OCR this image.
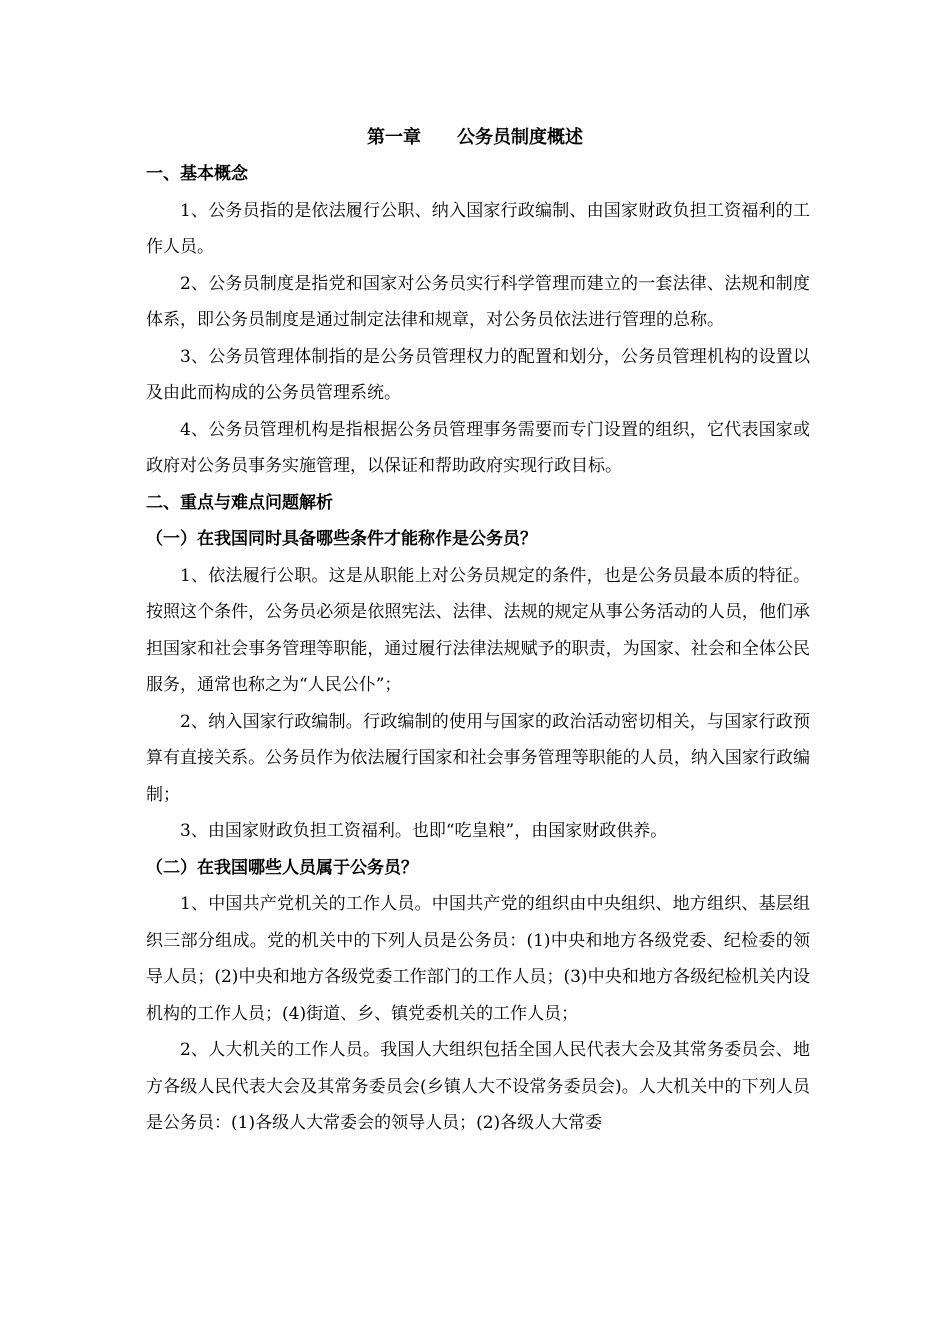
第一章　　公务员制度概述

一、基本概念

1、公务员指的是依法履行公职、纳入国家行政编制、由国家财政负担工资福利的工作人员。

2、公务员制度是指党和国家对公务员实行科学管理而建立的一套法律、法规和制度体系，即公务员制度是通过制定法律和规章，对公务员依法进行管理的总称。

3、公务员管理体制指的是公务员管理权力的配置和划分，公务员管理机构的设置以及由此而构成的公务员管理系统。

4、公务员管理机构是指根据公务员管理事务需要而专门设置的组织，它代表国家或政府对公务员事务实施管理，以保证和帮助政府实现行政目标。

二、重点与难点问题解析

（一）在我国同时具备哪些条件才能称作是公务员？

1、依法履行公职。这是从职能上对公务员规定的条件，也是公务员最本质的特征。按照这个条件，公务员必须是依照宪法、法律、法规的规定从事公务活动的人员，他们承担国家和社会事务管理等职能，通过履行法律法规赋予的职责，为国家、社会和全体公民服务，通常也称之为“人民公仆”；

2、纳入国家行政编制。行政编制的使用与国家的政治活动密切相关，与国家行政预算有直接关系。公务员作为依法履行国家和社会事务管理等职能的人员，纳入国家行政编制；

3、由国家财政负担工资福利。也即“吃皇粮”，由国家财政供养。

（二）在我国哪些人员属于公务员？

1、中国共产党机关的工作人员。中国共产党的组织由中央组织、地方组织、基层组织三部分组成。党的机关中的下列人员是公务员：(1)中央和地方各级党委、纪检委的领导人员；(2)中央和地方各级党委工作部门的工作人员；(3)中央和地方各级纪检机关内设机构的工作人员；(4)街道、乡、镇党委机关的工作人员；

2、人大机关的工作人员。我国人大组织包括全国人民代表大会及其常务委员会、地方各级人民代表大会及其常务委员会(乡镇人大不设常务委员会)。人大机关中的下列人员是公务员：(1)各级人大常委会的领导人员；(2)各级人大常委
